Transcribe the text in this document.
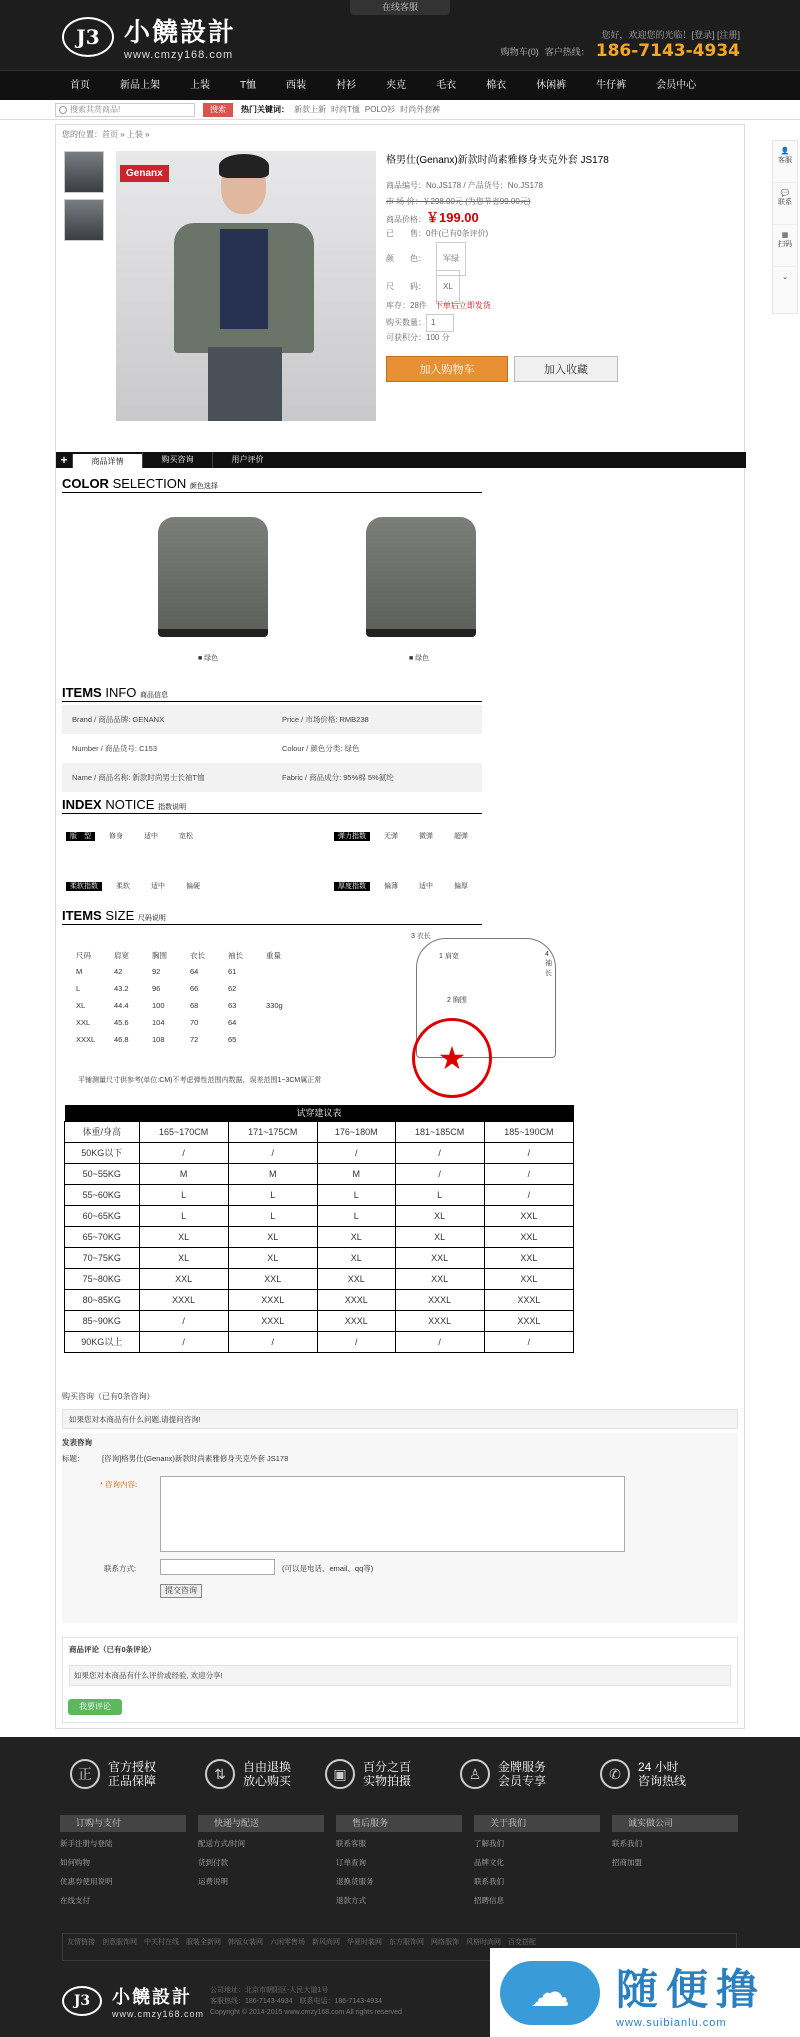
在线客服
J3 小饒設計
www.cmzy168.com
您好，欢迎您的光临！[登录] [注册]
购物车(0) 客户热线： 186-7143-4934
首页	新品上架	上装	T恤	西装	衬衫	夹克	毛衣	棉衣	休闲裤	牛仔裤	会员中心
搜索其赏商品!	搜索	热门关键词： 新款上新 时尚T恤 POLO衫 时尚外套裤
👤
客服
💬
联系
▦
扫码
⌄
您的位置：首页 » 上装 »
Genanx
格男仕(Genanx)新款时尚素雅修身夹克外套 JS178
商品编号：No.JS178 / 产品货号：No.JS178
市 场 价：￥298.00元 (为您节省99.00元)
商品价格：￥199.00
已　　售：0件(已有0条评价)
颜　　色： 军绿
尺　　码： XL
库存：28件　 下单后立即发货
购买数量： 1
可获积分：100 分
加入购物车	加入收藏
+	商品详情	购买咨询	用户评价
COLOR SELECTION 颜色选择
■ 绿色	■ 绿色
ITEMS INFO 商品信息
Brand / 商品品牌: GENANX	Price / 市场价格: RMB238
Number / 商品货号: C153	Colour / 颜色分类: 绿色
Name / 商品名称: 新款时尚男士长袖T恤	Fabric / 商品成分: 95%棉 5%氨纶
INDEX NOTICE 指数说明
版　型　　	修身　　　	适中　　　	宽松	弹力指数　　	无弹　　　	微弹　　　	超弹
柔软指数　　	柔软　　　	适中　　　	偏硬	厚度指数　　	偏薄　　　	适中　　　	偏厚
ITEMS SIZE 尺码说明
尺码	肩宽	胸围	衣长	袖长	重量
M	42	92	64	61
L	43.2	96	66	62
XL	44.4	100	68	63	330g
XXL	45.6	104	70	64
XXXL	46.8	108	72	65
平铺测量尺寸供参考(单位:CM)不考虑弹性范围内数据，误差范围1~3CM属正常
3 衣长
1 肩宽	4 袖长
2 胸围
★
试穿建议表					
体重/身高	165~170CM	171~175CM	176~180M	181~185CM	185~190CM
50KG以下	/	/	/	/	/
50~55KG	M	M	M	/	/
55~60KG	L	L	L	L	/
60~65KG	L	L	L	XL	XXL
65~70KG	XL	XL	XL	XL	XXL
70~75KG	XL	XL	XL	XXL	XXL
75~80KG	XXL	XXL	XXL	XXL	XXL
80~85KG	XXXL	XXXL	XXXL	XXXL	XXXL
85~90KG	/	XXXL	XXXL	XXXL	XXXL
90KG以上	/	/	/	/	/
购买咨询（已有0条咨询）
如果您对本商品有什么问题,请提问咨询!
发表咨询
标题： [咨询]格男仕(Genanx)新款时尚素雅修身夹克外套 JS178
* 咨询内容:
联系方式:	(可以是电话、email、qq等)
提交咨询
商品评论（已有0条评论）
如果您对本商品有什么评价或经验, 欢迎分享!
我要评论
正	官方授权
正品保障	⇅	自由退换
放心购买	▣	百分之百
实物拍摄	♙	金牌服务
会员专享	✆	24 小时
咨询热线
订购与支付
新手注册与登陆
如何购物
优惠券使用说明
在线支付
快递与配送
配送方式/时间
货到付款
运费说明
售后服务
联系客服
订单查询
退换货服务
退款方式
关于我们
了解我们
品牌文化
联系我们
招聘信息
诚实做公司
联系我们
招商加盟
友情链接　创意服饰网　中关村在线　服装全新网　韩版女装网　六闲零售场　新风尚网　华夏时装网　东方服饰网　网络服饰　风格时尚网　百变搭配
J3	小饒設計
www.cmzy168.com
公司地址：北京市朝阳区-人民大道1号
客服热线：186-7143-4934　联系电话：186-7143-4934
Copyright © 2014-2015 www.cmzy168.com All rights reserved	☁	随便撸
www.suibianlu.com
